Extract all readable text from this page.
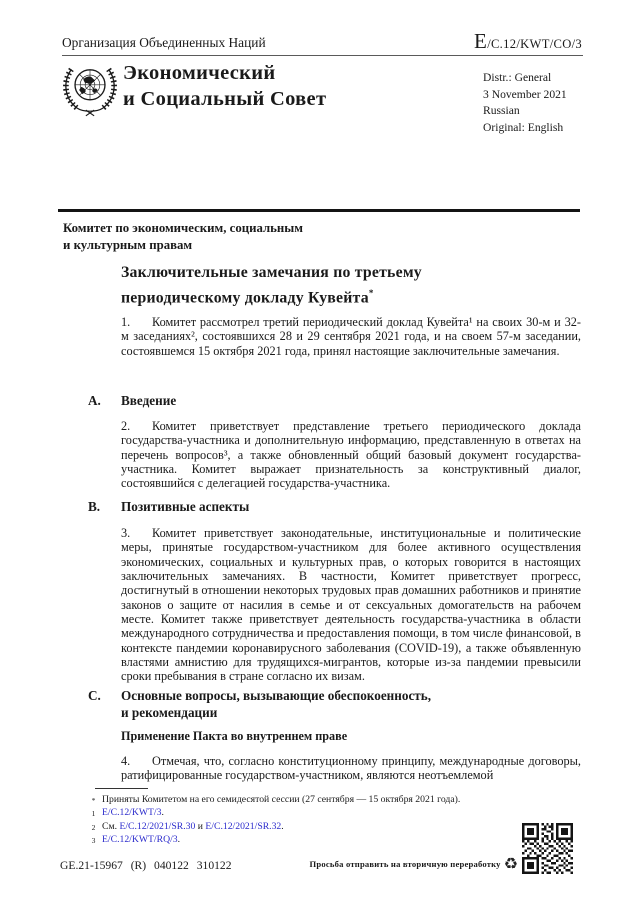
Организация Объединенных Наций	E/C.12/KWT/CO/3
Экономический
и Социальный Совет
Distr.: General
3 November 2021
Russian
Original: English
Комитет по экономическим, социальным
и культурным правам
Заключительные замечания по третьему
периодическому докладу Кувейта*
1. Комитет рассмотрел третий периодический доклад Кувейта¹ на своих 30-м и 32-м заседаниях², состоявшихся 28 и 29 сентября 2021 года, и на своем 57-м заседании, состоявшемся 15 октября 2021 года, принял настоящие заключительные замечания.
A.	Введение
2. Комитет приветствует представление третьего периодического доклада государства-участника и дополнительную информацию, представленную в ответах на перечень вопросов³, а также обновленный общий базовый документ государства-участника. Комитет выражает признательность за конструктивный диалог, состоявшийся с делегацией государства-участника.
B.	Позитивные аспекты
3. Комитет приветствует законодательные, институциональные и политические меры, принятые государством-участником для более активного осуществления экономических, социальных и культурных прав, о которых говорится в настоящих заключительных замечаниях. В частности, Комитет приветствует прогресс, достигнутый в отношении некоторых трудовых прав домашних работников и принятие законов о защите от насилия в семье и от сексуальных домогательств на рабочем месте. Комитет также приветствует деятельность государства-участника в области международного сотрудничества и предоставления помощи, в том числе финансовой, в контексте пандемии коронавирусного заболевания (COVID-19), а также объявленную властями амнистию для трудящихся-мигрантов, которые из-за пандемии превысили сроки пребывания в стране согласно их визам.
C.	Основные вопросы, вызывающие обеспокоенность,
и рекомендации
Применение Пакта во внутреннем праве
4. Отмечая, что, согласно конституционному принципу, международные договоры, ратифицированные государством-участником, являются неотъемлемой
* Приняты Комитетом на его семидесятой сессии (27 сентября — 15 октября 2021 года).
1 E/C.12/KWT/3.
2 См. E/C.12/2021/SR.30 и E/C.12/2021/SR.32.
3 E/C.12/KWT/RQ/3.
GE.21-15967 (R) 040122 310122	Просьба отправить на вторичную переработку ♻
